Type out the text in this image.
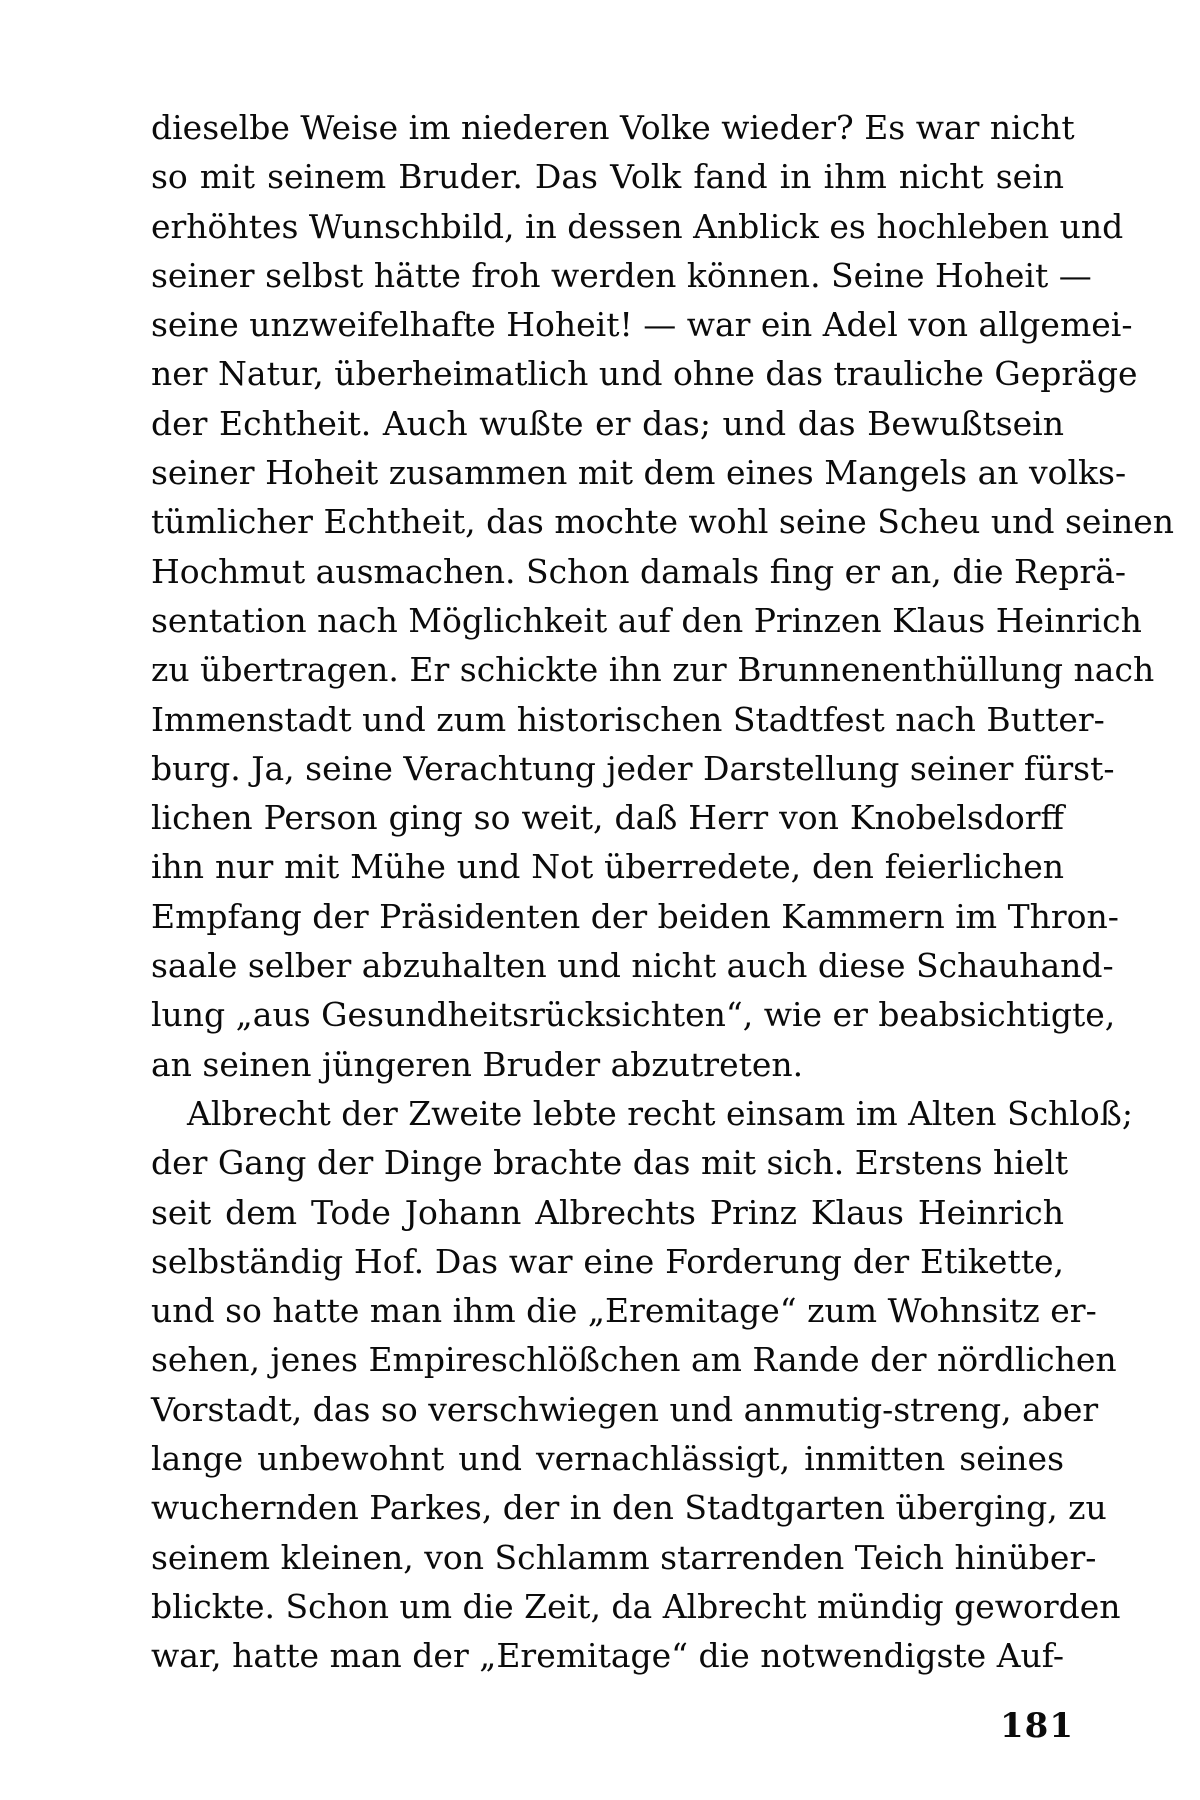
dieselbe Weise im niederen Volke wieder? Es war nicht
so mit seinem Bruder. Das Volk fand in ihm nicht sein
erhöhtes Wunschbild, in dessen Anblick es hochleben und
seiner selbst hätte froh werden können. Seine Hoheit —
seine unzweifelhafte Hoheit! — war ein Adel von allgemei-
ner Natur, überheimatlich und ohne das trauliche Gepräge
der Echtheit. Auch wußte er das; und das Bewußtsein
seiner Hoheit zusammen mit dem eines Mangels an volks-
tümlicher Echtheit, das mochte wohl seine Scheu und seinen
Hochmut ausmachen. Schon damals fing er an, die Reprä-
sentation nach Möglichkeit auf den Prinzen Klaus Heinrich
zu übertragen. Er schickte ihn zur Brunnenenthüllung nach
Immenstadt und zum historischen Stadtfest nach Butter-
burg. Ja, seine Verachtung jeder Darstellung seiner fürst-
lichen Person ging so weit, daß Herr von Knobelsdorff
ihn nur mit Mühe und Not überredete, den feierlichen
Empfang der Präsidenten der beiden Kammern im Thron-
saale selber abzuhalten und nicht auch diese Schauhand-
lung „aus Gesundheitsrücksichten“, wie er beabsichtigte,
an seinen jüngeren Bruder abzutreten.
Albrecht der Zweite lebte recht einsam im Alten Schloß;
der Gang der Dinge brachte das mit sich. Erstens hielt
seit dem Tode Johann Albrechts Prinz Klaus Heinrich
selbständig Hof. Das war eine Forderung der Etikette,
und so hatte man ihm die „Eremitage“ zum Wohnsitz er-
sehen, jenes Empireschlößchen am Rande der nördlichen
Vorstadt, das so verschwiegen und anmutig-streng, aber
lange unbewohnt und vernachlässigt, inmitten seines
wuchernden Parkes, der in den Stadtgarten überging, zu
seinem kleinen, von Schlamm starrenden Teich hinüber-
blickte. Schon um die Zeit, da Albrecht mündig geworden
war, hatte man der „Eremitage“ die notwendigste Auf-
181
